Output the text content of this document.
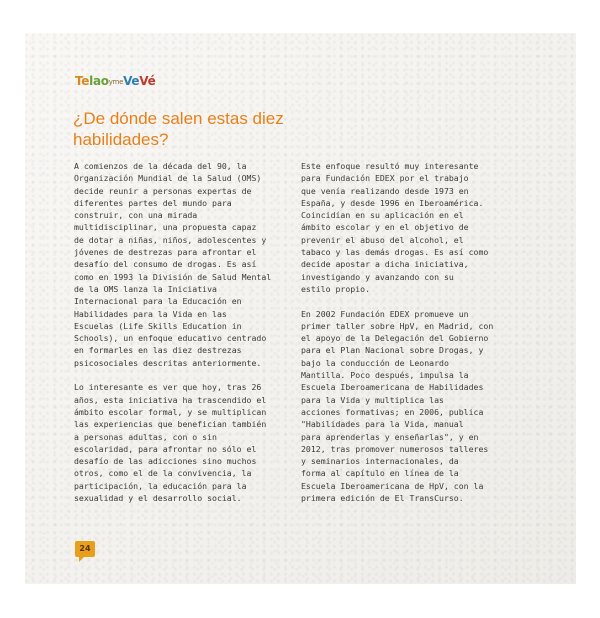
TelaoymeVeVé
¿De dónde salen estas diez habilidades?

A comienzos de la década del 90, la
Organización Mundial de la Salud (OMS)
decide reunir a personas expertas de
diferentes partes del mundo para
construir, con una mirada
multidisciplinar, una propuesta capaz
de dotar a niñas, niños, adolescentes y
jóvenes de destrezas para afrontar el
desafío del consumo de drogas. Es así
como en 1993 la División de Salud Mental
de la OMS lanza la Iniciativa
Internacional para la Educación en
Habilidades para la Vida en las
Escuelas (Life Skills Education in
Schools), un enfoque educativo centrado
en formarles en las diez destrezas
psicosociales descritas anteriormente.

Lo interesante es ver que hoy, tras 26
años, esta iniciativa ha trascendido el
ámbito escolar formal, y se multiplican
las experiencias que benefician también
a personas adultas, con o sin
escolaridad, para afrontar no sólo el
desafío de las adicciones sino muchos
otros, como el de la convivencia, la
participación, la educación para la
sexualidad y el desarrollo social.

Este enfoque resultó muy interesante
para Fundación EDEX por el trabajo
que venía realizando desde 1973 en
España, y desde 1996 en Iberoamérica.
Coincidían en su aplicación en el
ámbito escolar y en el objetivo de
prevenir el abuso del alcohol, el
tabaco y las demás drogas. Es así como
decide apostar a dicha iniciativa,
investigando y avanzando con su
estilo propio.

En 2002 Fundación EDEX promueve un
primer taller sobre HpV, en Madrid, con
el apoyo de la Delegación del Gobierno
para el Plan Nacional sobre Drogas, y
bajo la conducción de Leonardo
Mantilla. Poco después, impulsa la
Escuela Iberoamericana de Habilidades
para la Vida y multiplica las
acciones formativas; en 2006, publica
"Habilidades para la Vida, manual
para aprenderlas y enseñarlas", y en
2012, tras promover numerosos talleres
y seminarios internacionales, da
forma al capítulo en línea de la
Escuela Iberoamericana de HpV, con la
primera edición de El TransCurso.

24
